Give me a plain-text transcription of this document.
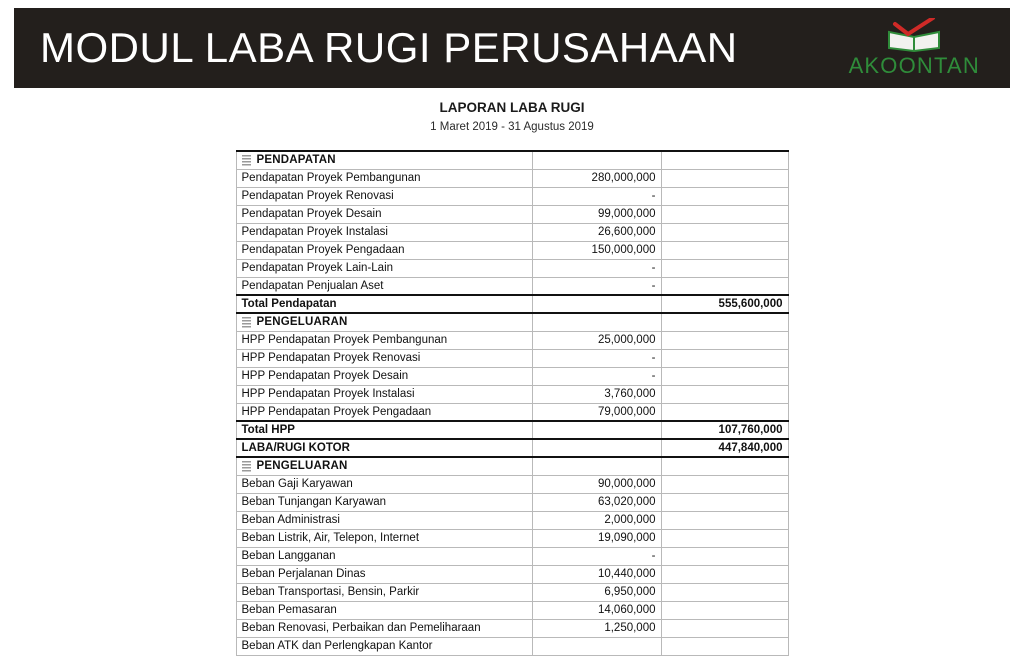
MODUL LABA RUGI PERUSAHAAN	AKOONTAN
LAPORAN LABA RUGI
1 Maret 2019 - 31 Agustus 2019
PENDAPATAN		
Pendapatan Proyek Pembangunan	280,000,000	
Pendapatan Proyek Renovasi	-	
Pendapatan Proyek Desain	99,000,000	
Pendapatan Proyek Instalasi	26,600,000	
Pendapatan Proyek Pengadaan	150,000,000	
Pendapatan Proyek Lain-Lain	-	
Pendapatan Penjualan Aset	-	
Total Pendapatan		555,600,000

PENGELUARAN		
HPP Pendapatan Proyek Pembangunan	25,000,000	
HPP Pendapatan Proyek Renovasi	-	
HPP Pendapatan Proyek Desain	-	
HPP Pendapatan Proyek Instalasi	3,760,000	
HPP Pendapatan Proyek Pengadaan	79,000,000	
Total HPP		107,760,000
LABA/RUGI KOTOR		447,840,000

PENGELUARAN		
Beban Gaji Karyawan	90,000,000	
Beban Tunjangan Karyawan	63,020,000	
Beban Administrasi	2,000,000	
Beban Listrik, Air, Telepon, Internet	19,090,000	
Beban Langganan	-	
Beban Perjalanan Dinas	10,440,000	
Beban Transportasi, Bensin, Parkir	6,950,000	
Beban Pemasaran	14,060,000	
Beban Renovasi, Perbaikan dan Pemeliharaan	1,250,000	
Beban ATK dan Perlengkapan Kantor		
